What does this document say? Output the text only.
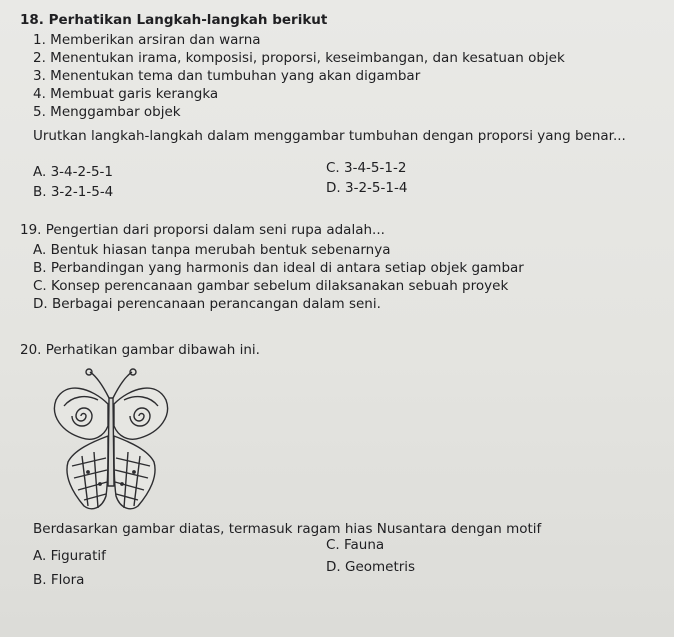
18. Perhatikan Langkah-langkah berikut
1. Memberikan arsiran dan warna
2. Menentukan irama, komposisi, proporsi, keseimbangan, dan kesatuan objek
3. Menentukan tema dan tumbuhan yang akan digambar
4. Membuat garis kerangka
5. Menggambar objek
Urutkan langkah-langkah dalam menggambar tumbuhan dengan proporsi yang benar...
A. 3-4-2-5-1
B. 3-2-1-5-4
C. 3-4-5-1-2
D. 3-2-5-1-4
19. Pengertian dari proporsi dalam seni rupa adalah...
A. Bentuk hiasan tanpa merubah bentuk sebenarnya
B. Perbandingan yang harmonis dan ideal di antara setiap objek gambar
C. Konsep perencanaan gambar sebelum dilaksanakan sebuah proyek
D. Berbagai perencanaan perancangan dalam seni.
20. Perhatikan gambar dibawah ini.
Berdasarkan gambar diatas, termasuk ragam hias Nusantara dengan motif
A. Figuratif
B. Flora
C. Fauna
D. Geometris
